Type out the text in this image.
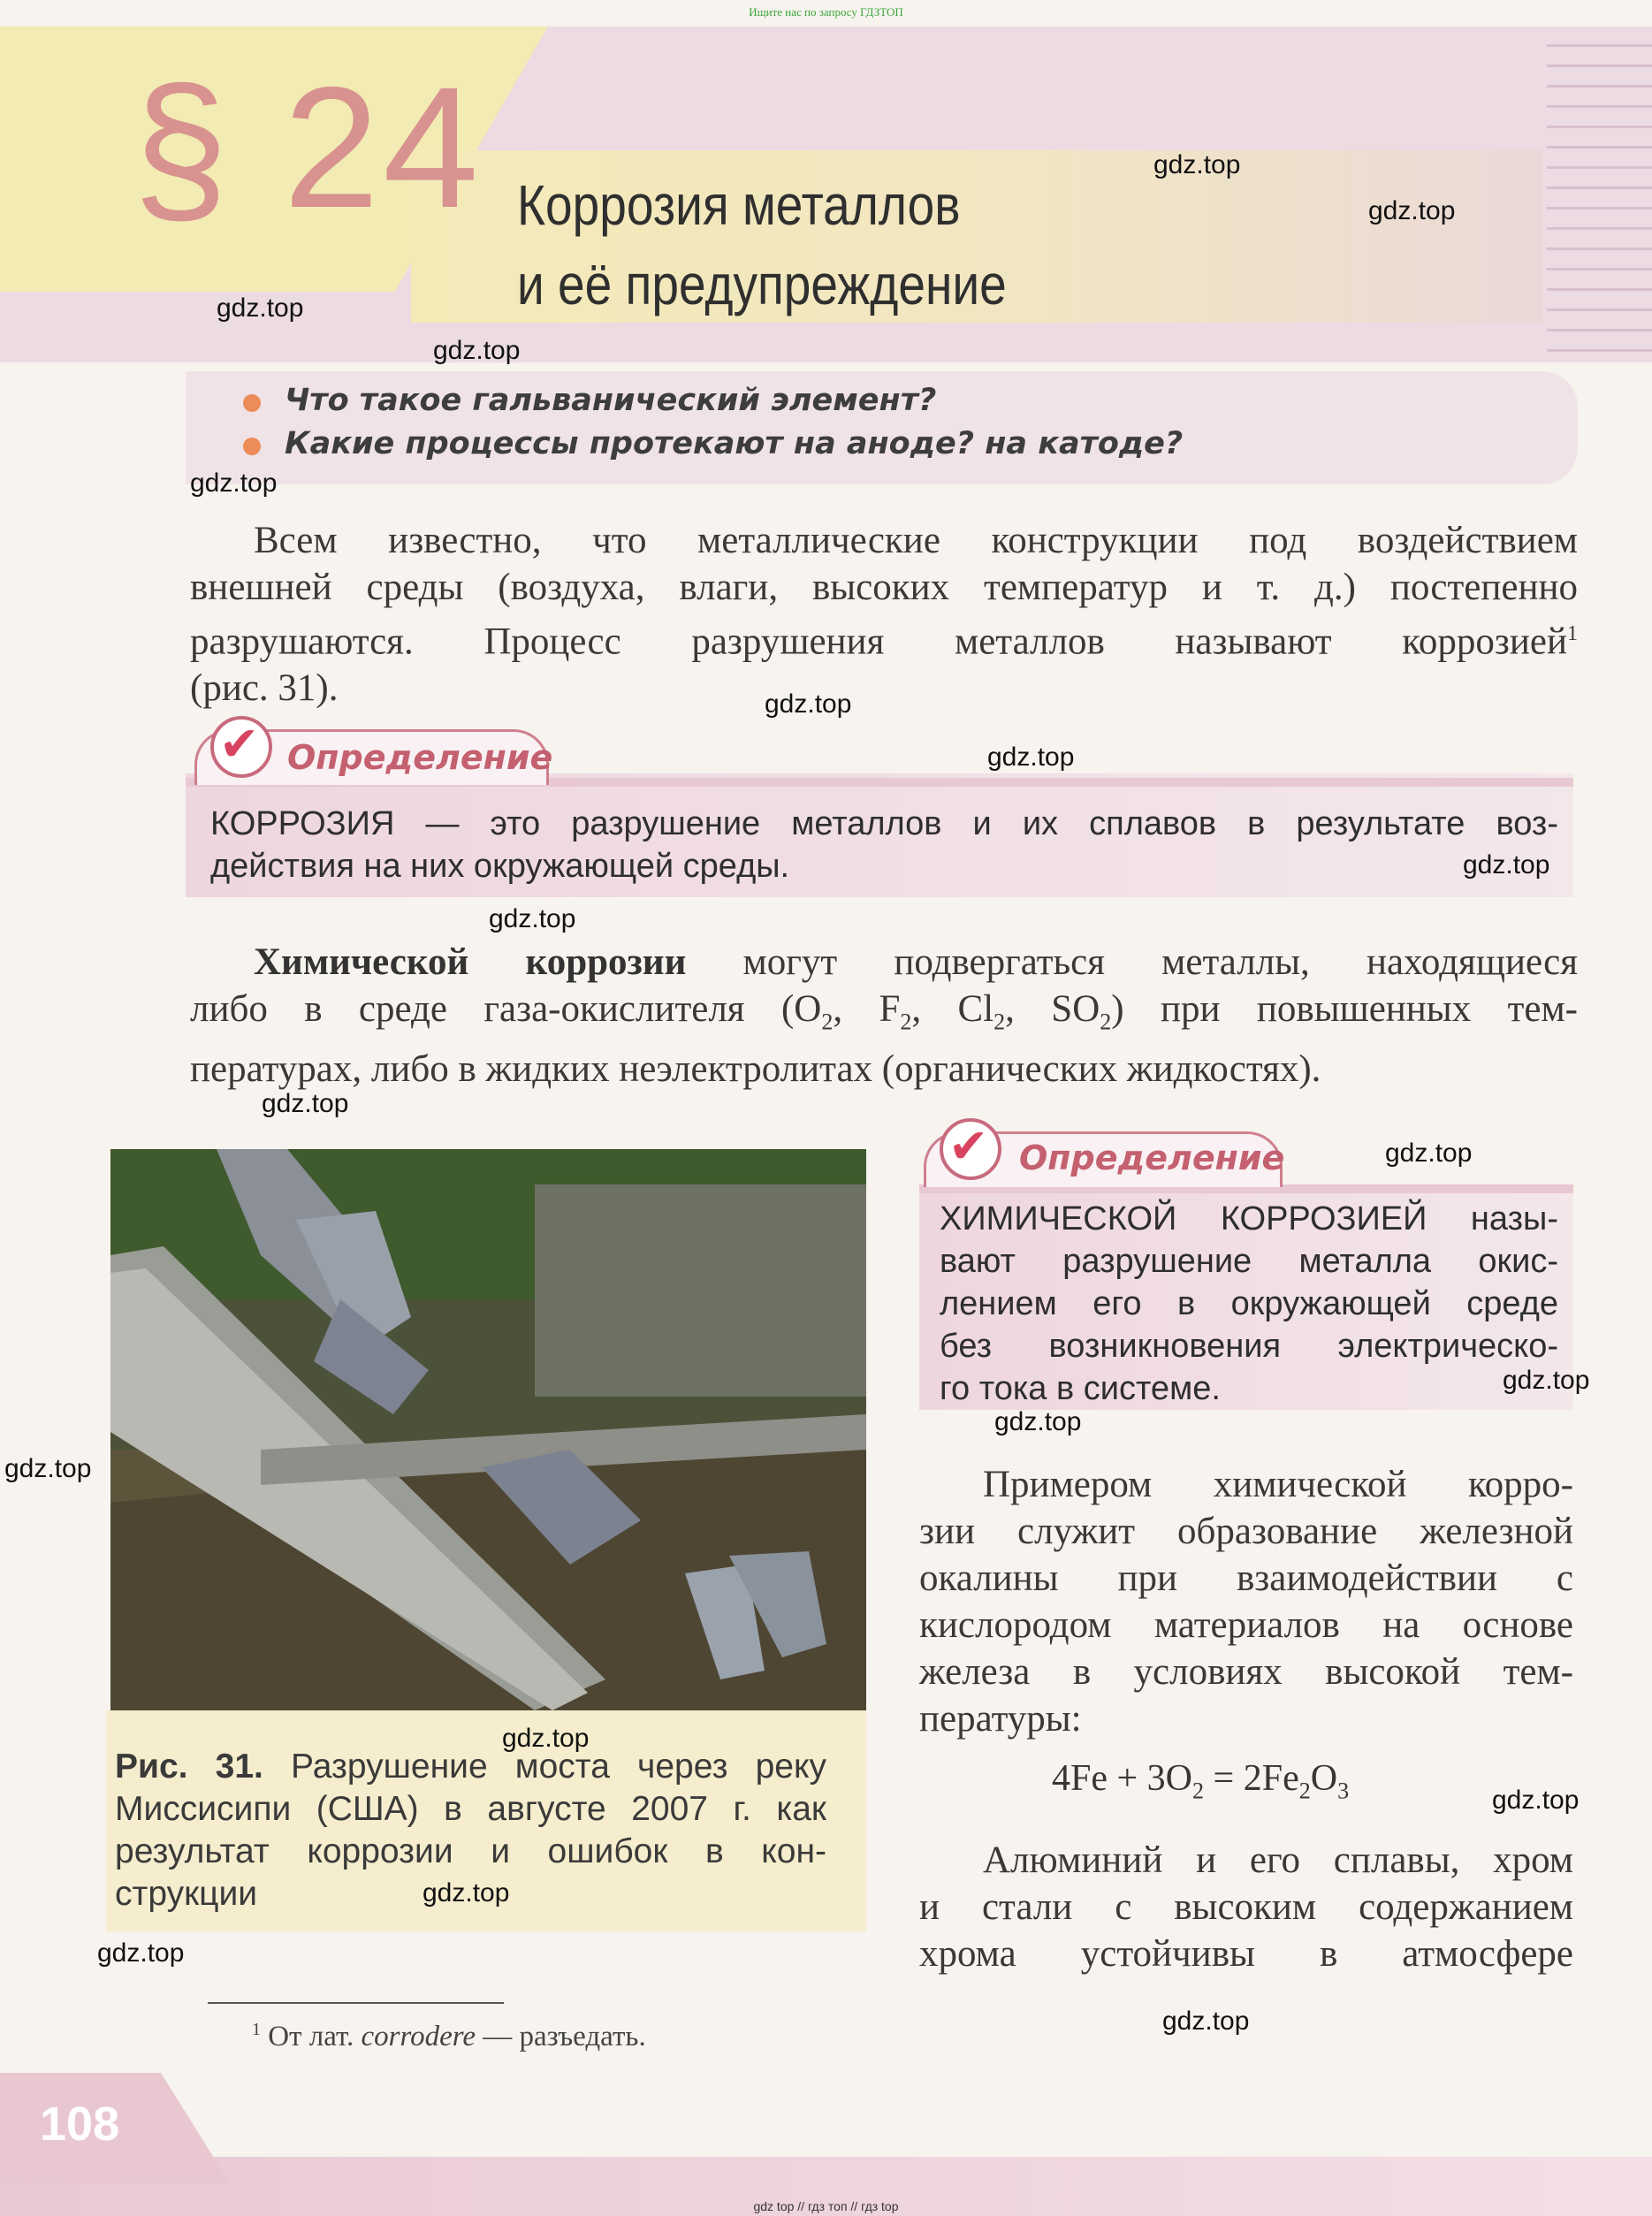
Ищите нас по запросу ГДЗТОП
§ 24 Коррозия металлов
и её предупреждение
Что такое гальванический элемент?
Какие процессы протекают на аноде? на катоде?
Всем известно, что металлические конструкции под воздействием
внешней среды (воздуха, влаги, высоких температур и т. д.) постепенно
разрушаются. Процесс разрушения металлов называют коррозией$^1$
(рис. 31).
✔ Определение
КОРРОЗИЯ — это разрушение металлов и их сплавов в результате воз-
действия на них окружающей среды.
Химической коррозии могут подвергаться металлы, находящиеся
либо в среде газа-окислителя ($O_2$, $F_2$, $Cl_2$, $SO_2$) при повышенных тем-
пературах, либо в жидких неэлектролитах (органических жидкостях).
Рис. 31. Разрушение моста через реку
Миссисипи (США) в августе 2007 г. как
результат коррозии и ошибок в кон-
струкции
✔ Определение
ХИМИЧЕСКОЙ КОРРОЗИЕЙ назы-
вают разрушение металла окис-
лением его в окружающей среде
без возникновения электрическо-
го тока в системе.
Примером химической корро-
зии служит образование железной
окалины при взаимодействии с
кислородом материалов на основе
железа в условиях высокой тем-
пературы:
$4Fe + 3O_2 = 2Fe_2O_3$
Алюминий и его сплавы, хром
и стали с высоким содержанием
хрома устойчивы в атмосфере
$^1$ От лат. corrodere — разъедать.
108
gdz top // гдз топ // гдз top
gdz.top
gdz.top
gdz.top
gdz.top
gdz.top
gdz.top
gdz.top
gdz.top
gdz.top
gdz.top
gdz.top
gdz.top
gdz.top
gdz.top
gdz.top
gdz.top
gdz.top
gdz.top
gdz.top
